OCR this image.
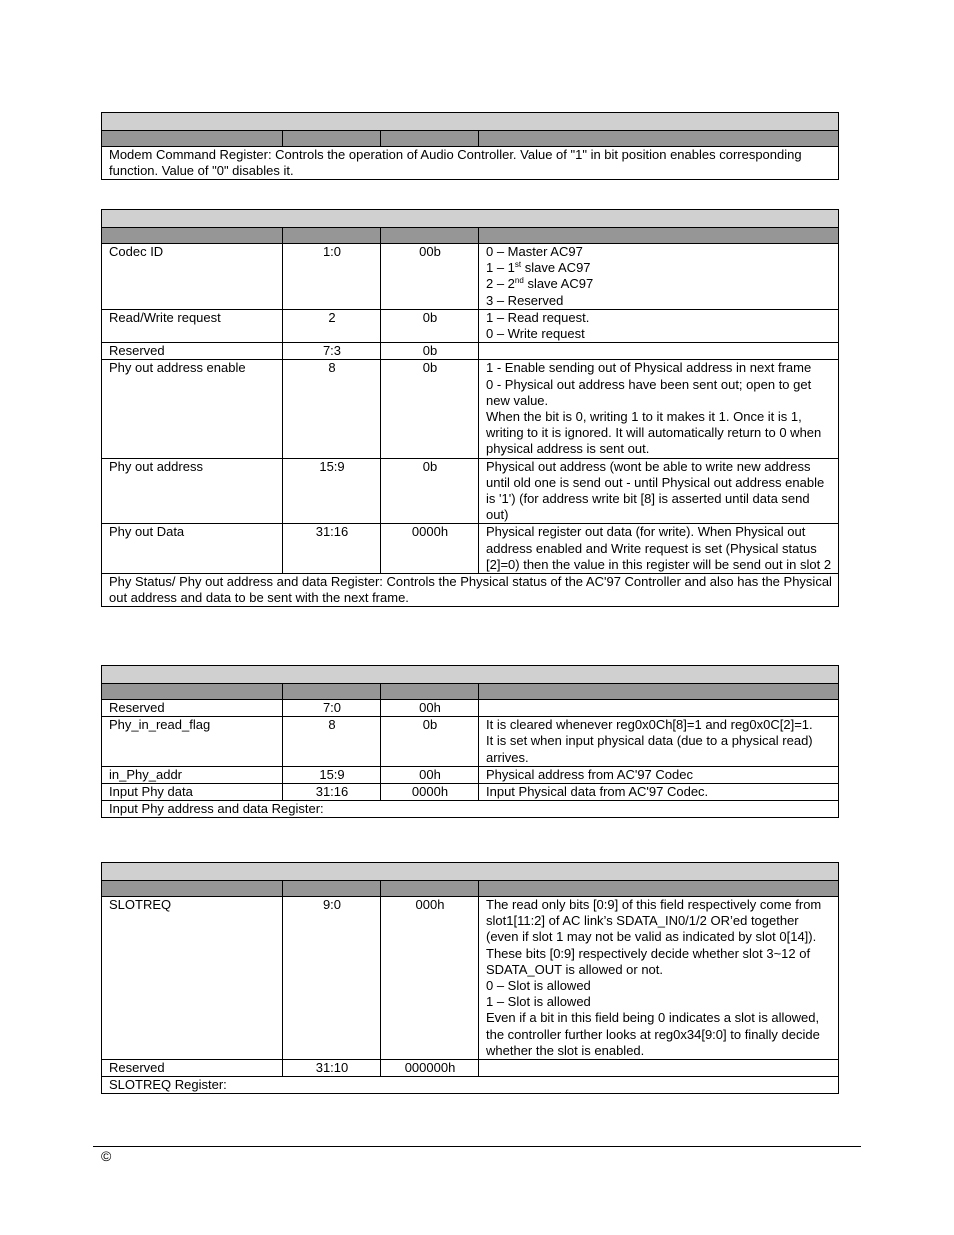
Modem Command Register: Controls the operation of Audio Controller. Value of "1" in bit position enables corresponding function. Value of "0" disables it.

Codec ID	1:0	00b	0 – Master AC97
1 – 1st slave AC97
2 – 2nd slave AC97
3 – Reserved

Read/Write request	2	0b	1 – Read request.
0 – Write request
Reserved	7:3	0b	
Phy out address enable	8	0b	1 - Enable sending out of Physical address in next frame
0 - Physical out address have been sent out; open to get new value.
When the bit is 0, writing 1 to it makes it 1. Once it is 1, writing to it is ignored. It will automatically return to 0 when physical address is sent out.
Phy out address	15:9	0b	Physical out address (wont be able to write new address until old one is send out - until Physical out address enable is '1') (for address write bit [8] is asserted until data send out)
Phy out Data	31:16	0000h	Physical register out data (for write). When Physical out address enabled and Write request is set (Physical status [2]=0) then the value in this register will be send out in slot 2
Phy Status/ Phy out address and data Register: Controls the Physical status of the AC'97 Controller and also has the Physical out address and data to be sent with the next frame.			

Reserved	7:0	00h	
Phy_in_read_flag	8	0b	It is cleared whenever reg0x0Ch[8]=1 and reg0x0C[2]=1.
It is set when input physical data (due to a physical read) arrives.
in_Phy_addr	15:9	00h	Physical address from AC'97 Codec
Input Phy data	31:16	0000h	Input Physical data from AC'97 Codec.
Input Phy address and data Register:			

SLOTREQ	9:0	000h	The read only bits [0:9] of this field respectively come from slot1[11:2] of AC link’s SDATA_IN0/1/2 OR’ed together (even if slot 1 may not be valid as indicated by slot 0[14]). These bits [0:9] respectively decide whether slot 3~12 of SDATA_OUT is allowed or not.
0 – Slot is allowed
1 – Slot is allowed
Even if a bit in this field being 0 indicates a slot is allowed, the controller further looks at reg0x34[9:0] to finally decide whether the slot is enabled.
Reserved	31:10	000000h	
SLOTREQ Register:			
©
